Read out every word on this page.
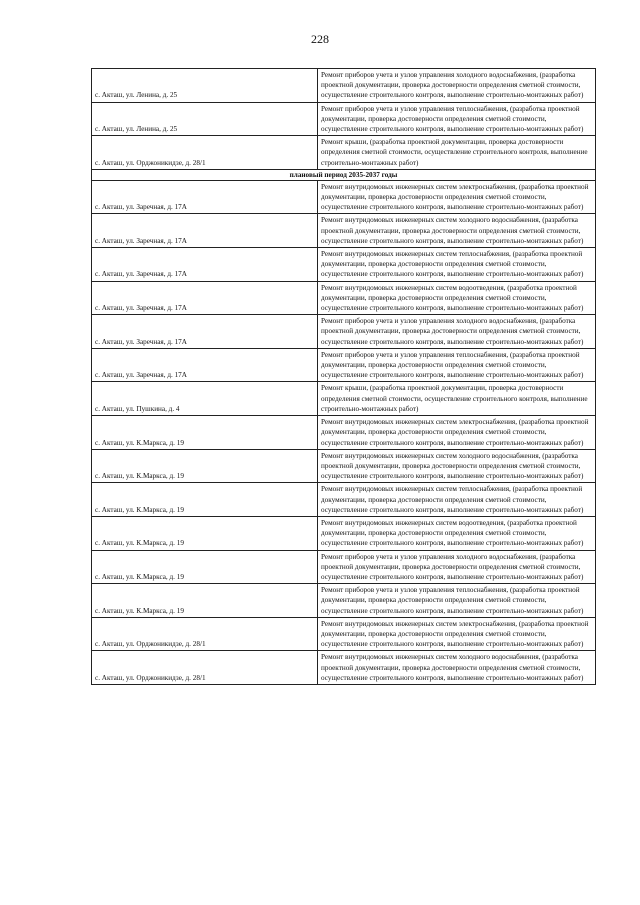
228
с. Акташ, ул. Ленина, д. 25	Ремонт приборов учета и узлов управления холодного водоснабжения, (разработка проектной документации, проверка достоверности определения сметной стоимости, осуществление строительного контроля, выполнение строительно-монтажных работ)
с. Акташ, ул. Ленина, д. 25	Ремонт приборов учета и узлов управления теплоснабжения, (разработка проектной документации, проверка достоверности определения сметной стоимости, осуществление строительного контроля, выполнение строительно-монтажных работ)
с. Акташ, ул. Орджоникидзе, д. 28/1	Ремонт крыши, (разработка проектной документации, проверка достоверности определения сметной стоимости, осуществление строительного контроля, выполнение строительно-монтажных работ)
плановый период 2035-2037 годы	
с. Акташ, ул. Заречная, д. 17А	Ремонт внутридомовых инженерных систем электроснабжения, (разработка проектной документации, проверка достоверности определения сметной стоимости, осуществление строительного контроля, выполнение строительно-монтажных работ)
с. Акташ, ул. Заречная, д. 17А	Ремонт внутридомовых инженерных систем холодного водоснабжения, (разработка проектной документации, проверка достоверности определения сметной стоимости, осуществление строительного контроля, выполнение строительно-монтажных работ)
с. Акташ, ул. Заречная, д. 17А	Ремонт внутридомовых инженерных систем теплоснабжения, (разработка проектной документации, проверка достоверности определения сметной стоимости, осуществление строительного контроля, выполнение строительно-монтажных работ)
с. Акташ, ул. Заречная, д. 17А	Ремонт внутридомовых инженерных систем водоотведения, (разработка проектной документации, проверка достоверности определения сметной стоимости, осуществление строительного контроля, выполнение строительно-монтажных работ)
с. Акташ, ул. Заречная, д. 17А	Ремонт приборов учета и узлов управления холодного водоснабжения, (разработка проектной документации, проверка достоверности определения сметной стоимости, осуществление строительного контроля, выполнение строительно-монтажных работ)
с. Акташ, ул. Заречная, д. 17А	Ремонт приборов учета и узлов управления теплоснабжения, (разработка проектной документации, проверка достоверности определения сметной стоимости, осуществление строительного контроля, выполнение строительно-монтажных работ)
с. Акташ, ул. Пушкина, д. 4	Ремонт крыши, (разработка проектной документации, проверка достоверности определения сметной стоимости, осуществление строительного контроля, выполнение строительно-монтажных работ)
с. Акташ, ул. К.Маркса, д. 19	Ремонт внутридомовых инженерных систем электроснабжения, (разработка проектной документации, проверка достоверности определения сметной стоимости, осуществление строительного контроля, выполнение строительно-монтажных работ)
с. Акташ, ул. К.Маркса, д. 19	Ремонт внутридомовых инженерных систем холодного водоснабжения, (разработка проектной документации, проверка достоверности определения сметной стоимости, осуществление строительного контроля, выполнение строительно-монтажных работ)
с. Акташ, ул. К.Маркса, д. 19	Ремонт внутридомовых инженерных систем теплоснабжения, (разработка проектной документации, проверка достоверности определения сметной стоимости, осуществление строительного контроля, выполнение строительно-монтажных работ)
с. Акташ, ул. К.Маркса, д. 19	Ремонт внутридомовых инженерных систем водоотведения, (разработка проектной документации, проверка достоверности определения сметной стоимости, осуществление строительного контроля, выполнение строительно-монтажных работ)
с. Акташ, ул. К.Маркса, д. 19	Ремонт приборов учета и узлов управления холодного водоснабжения, (разработка проектной документации, проверка достоверности определения сметной стоимости, осуществление строительного контроля, выполнение строительно-монтажных работ)
с. Акташ, ул. К.Маркса, д. 19	Ремонт приборов учета и узлов управления теплоснабжения, (разработка проектной документации, проверка достоверности определения сметной стоимости, осуществление строительного контроля, выполнение строительно-монтажных работ)
с. Акташ, ул. Орджоникидзе, д. 28/1	Ремонт внутридомовых инженерных систем электроснабжения, (разработка проектной документации, проверка достоверности определения сметной стоимости, осуществление строительного контроля, выполнение строительно-монтажных работ)
с. Акташ, ул. Орджоникидзе, д. 28/1	Ремонт внутридомовых инженерных систем холодного водоснабжения, (разработка проектной документации, проверка достоверности определения сметной стоимости, осуществление строительного контроля, выполнение строительно-монтажных работ)
